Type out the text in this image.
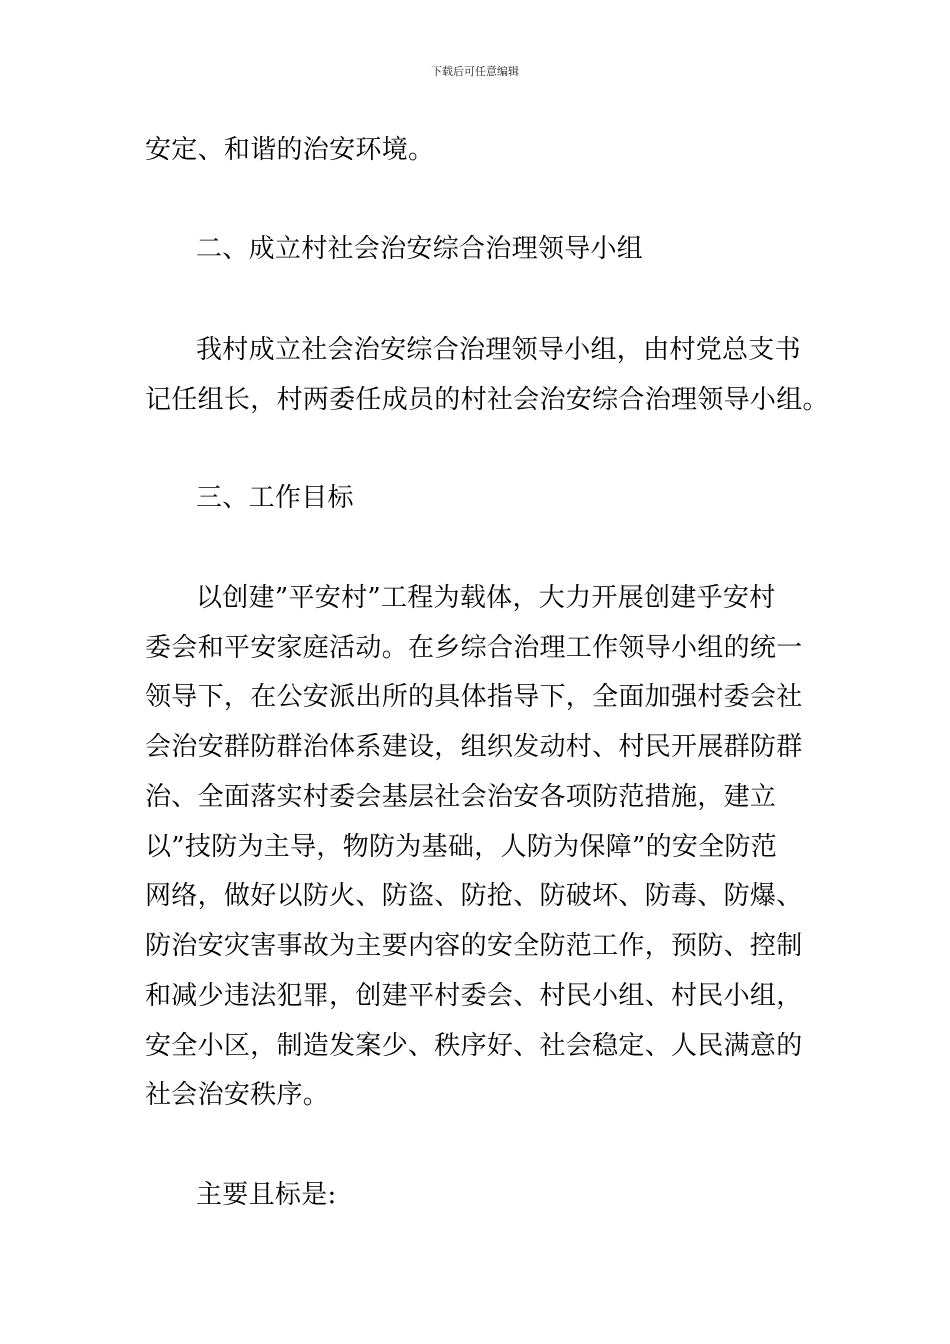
下载后可任意编辑
安定、和谐的治安环境。
二、成立村社会治安综合治理领导小组
我村成立社会治安综合治理领导小组，由村党总支书
记任组长，村两委任成员的村社会治安综合治理领导小组。
三、工作目标
以创建”平安村”工程为载体，大力开展创建乎安村
委会和平安家庭活动。在乡综合治理工作领导小组的统一
领导下，在公安派出所的具体指导下，全面加强村委会社
会治安群防群治体系建设，组织发动村、村民开展群防群
治、全面落实村委会基层社会治安各项防范措施，建立
以”技防为主导，物防为基础，人防为保障”的安全防范
网络，做好以防火、防盗、防抢、防破坏、防毒、防爆、
防治安灾害事故为主要内容的安全防范工作，预防、控制
和减少违法犯罪，创建平村委会、村民小组、村民小组，
安全小区，制造发案少、秩序好、社会稳定、人民满意的
社会治安秩序。
主要且标是:
